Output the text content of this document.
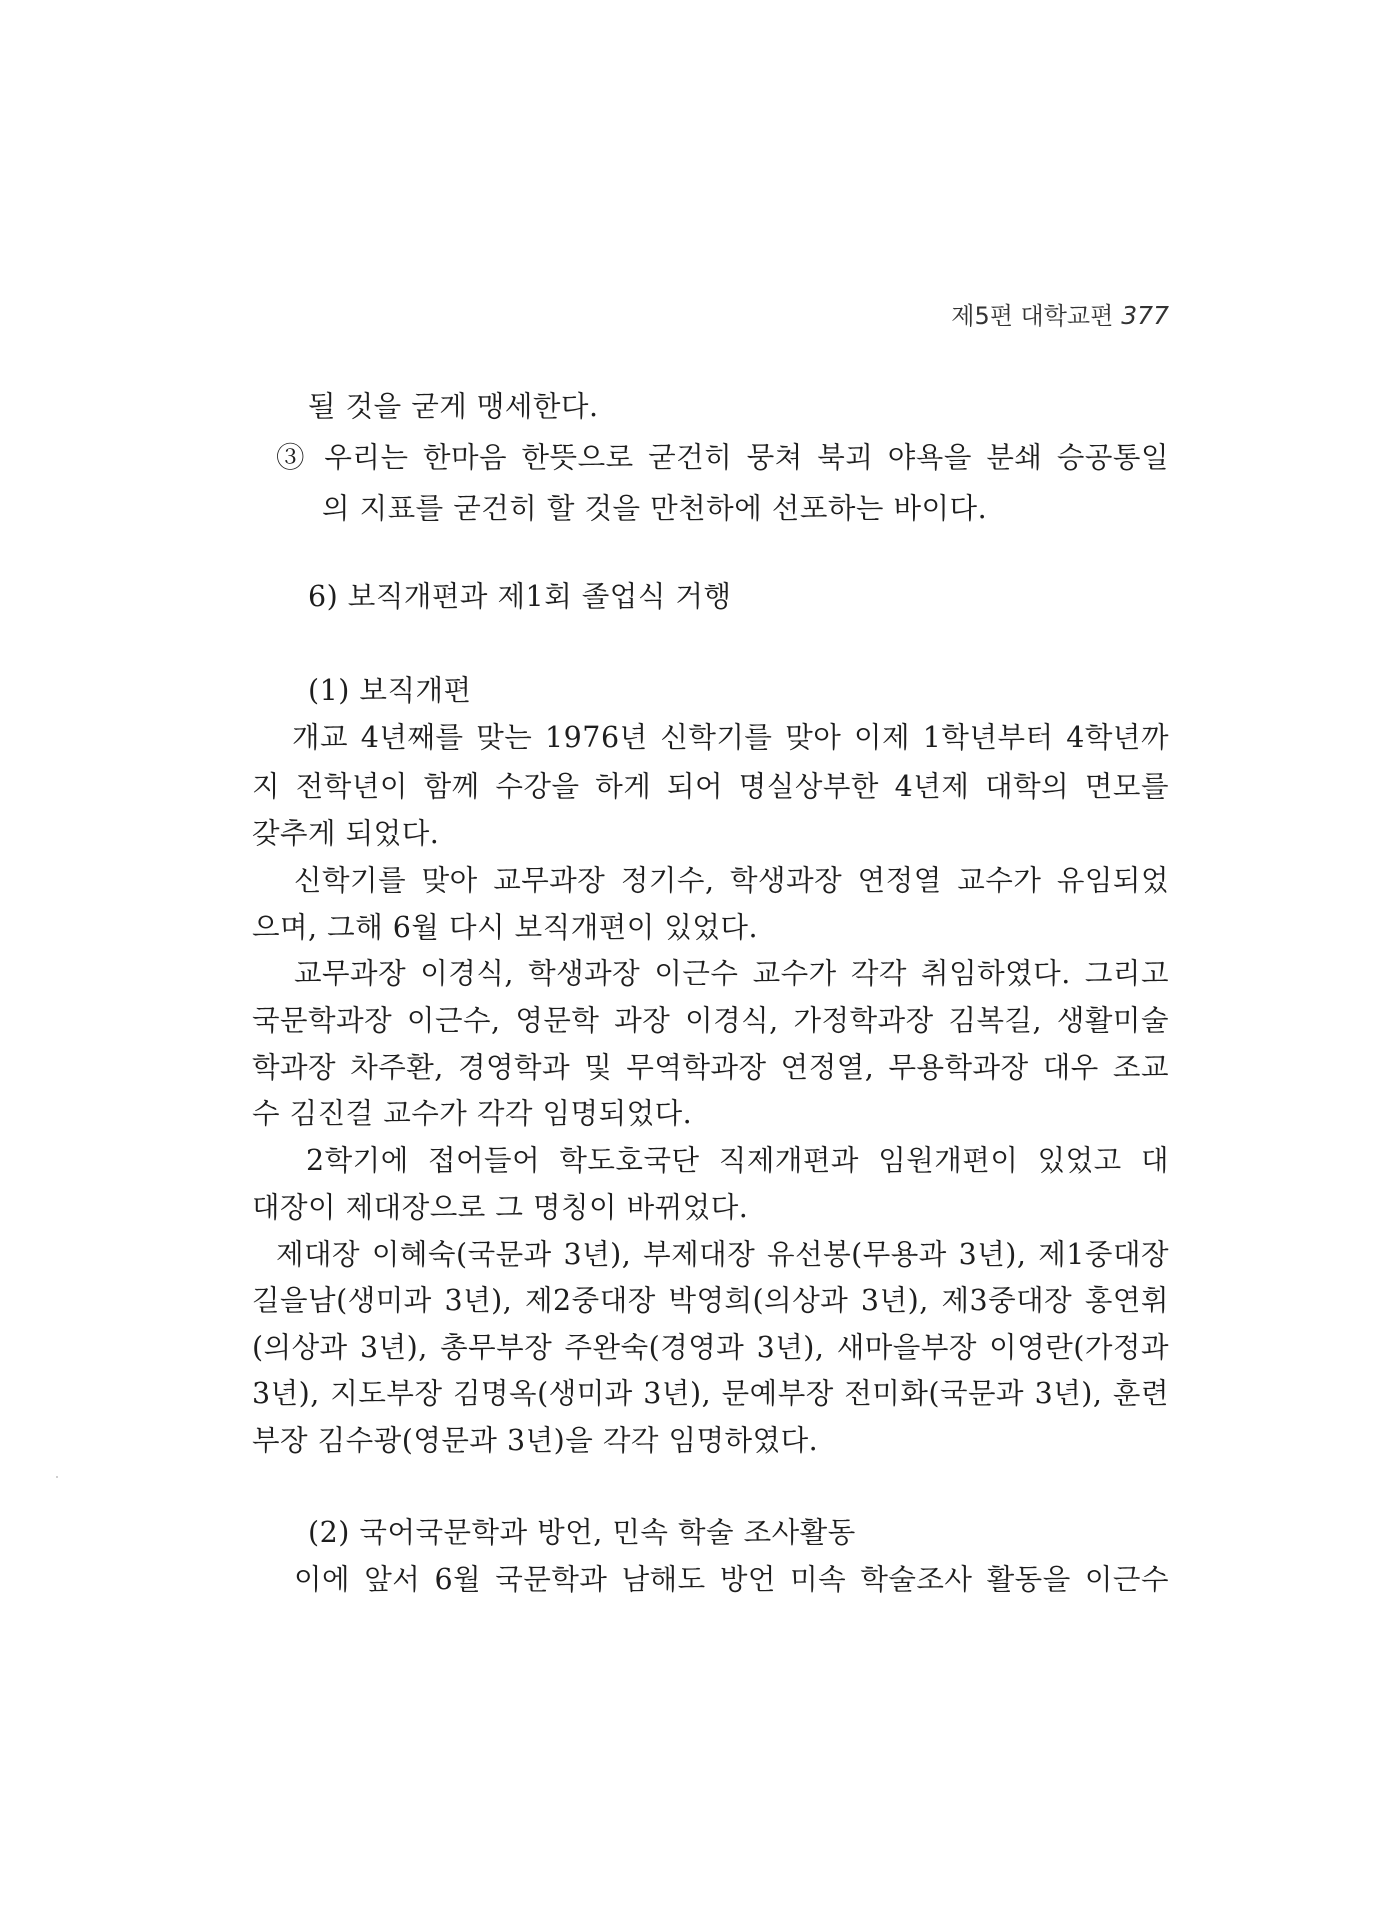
제5편 대학교편 377
될 것을 굳게 맹세한다.
③ 우리는 한마음 한뜻으로 굳건히 뭉쳐 북괴 야욕을 분쇄 승공통일
의 지표를 굳건히 할 것을 만천하에 선포하는 바이다.
6) 보직개편과 제1회 졸업식 거행
(1) 보직개편
개교 4년째를 맞는 1976년 신학기를 맞아 이제 1학년부터 4학년까
지 전학년이 함께 수강을 하게 되어 명실상부한 4년제 대학의 면모를
갖추게 되었다.
신학기를 맞아 교무과장 정기수, 학생과장 연정열 교수가 유임되었
으며, 그해 6월 다시 보직개편이 있었다.
교무과장 이경식, 학생과장 이근수 교수가 각각 취임하였다. 그리고
국문학과장 이근수, 영문학 과장 이경식, 가정학과장 김복길, 생활미술
학과장 차주환, 경영학과 및 무역학과장 연정열, 무용학과장 대우 조교
수 김진걸 교수가 각각 임명되었다.
2학기에 접어들어 학도호국단 직제개편과 임원개편이 있었고 대
대장이 제대장으로 그 명칭이 바뀌었다.
제대장 이혜숙(국문과 3년), 부제대장 유선봉(무용과 3년), 제1중대장
길을남(생미과 3년), 제2중대장 박영희(의상과 3년), 제3중대장 홍연휘
(의상과 3년), 총무부장 주완숙(경영과 3년), 새마을부장 이영란(가정과
3년), 지도부장 김명옥(생미과 3년), 문예부장 전미화(국문과 3년), 훈련
부장 김수광(영문과 3년)을 각각 임명하였다.
(2) 국어국문학과 방언, 민속 학술 조사활동
이에 앞서 6월 국문학과 남해도 방언 미속 학술조사 활동을 이근수
